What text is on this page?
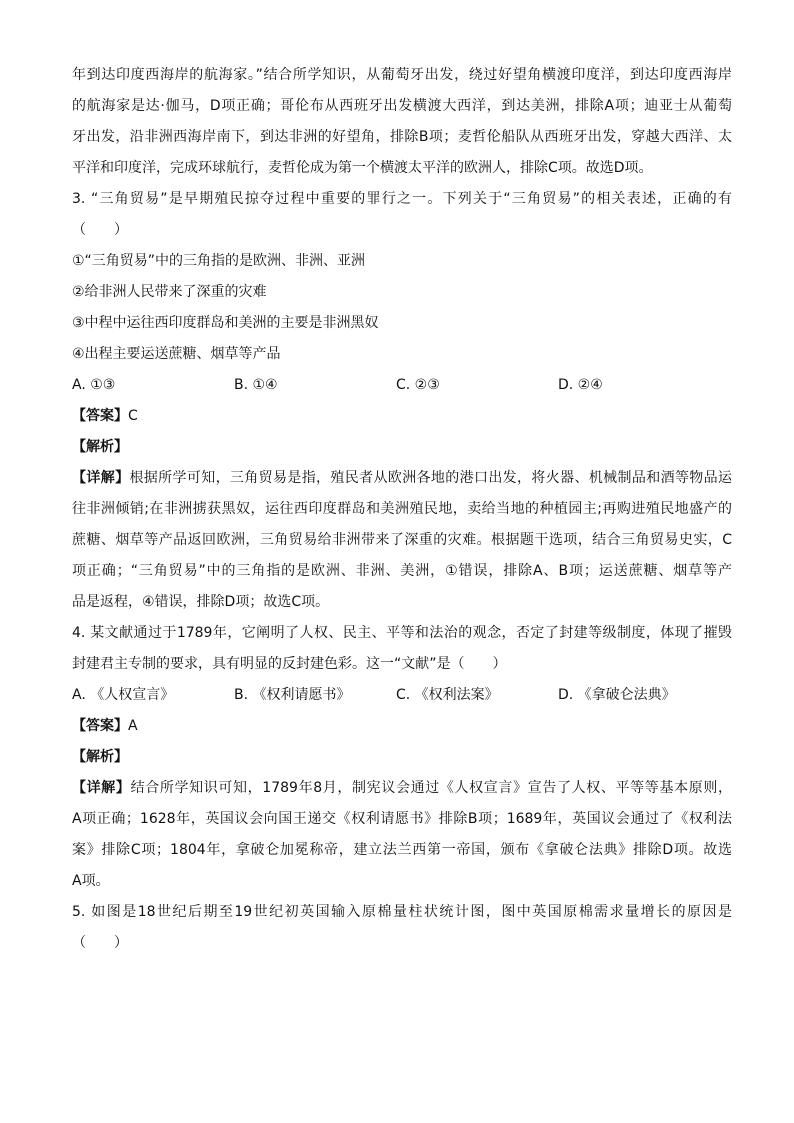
年到达印度西海岸的航海家。”结合所学知识，从葡萄牙出发，绕过好望角横渡印度洋，到达印度西海岸
的航海家是达·伽马，D项正确；哥伦布从西班牙出发横渡大西洋，到达美洲，排除A项；迪亚士从葡萄
牙出发，沿非洲西海岸南下，到达非洲的好望角，排除B项；麦哲伦船队从西班牙出发，穿越大西洋、太
平洋和印度洋，完成环球航行，麦哲伦成为第一个横渡太平洋的欧洲人，排除C项。故选D项。
3. “三角贸易”是早期殖民掠夺过程中重要的罪行之一。下列关于“三角贸易”的相关表述，正确的有
（　　）
①“三角贸易”中的三角指的是欧洲、非洲、亚洲
②给非洲人民带来了深重的灾难
③中程中运往西印度群岛和美洲的主要是非洲黑奴
④出程主要运送蔗糖、烟草等产品
A. ①③	B. ①④	C. ②③	D. ②④
【答案】C
【解析】
【详解】根据所学可知，三角贸易是指，殖民者从欧洲各地的港口出发，将火器、机械制品和酒等物品运
往非洲倾销;在非洲掳获黑奴，运往西印度群岛和美洲殖民地，卖给当地的种植园主;再购进殖民地盛产的
蔗糖、烟草等产品返回欧洲，三角贸易给非洲带来了深重的灾难。根据题干选项，结合三角贸易史实，C
项正确；“三角贸易”中的三角指的是欧洲、非洲、美洲，①错误，排除A、B项；运送蔗糖、烟草等产
品是返程，④错误，排除D项；故选C项。
4. 某文献通过于1789年，它阐明了人权、民主、平等和法治的观念，否定了封建等级制度，体现了摧毁
封建君主专制的要求，具有明显的反封建色彩。这一“文献”是（　　）
A. 《人权宣言》	B. 《权利请愿书》	C. 《权利法案》	D. 《拿破仑法典》
【答案】A
【解析】
【详解】结合所学知识可知，1789年8月，制宪议会通过《人权宣言》宣告了人权、平等等基本原则，
A项正确；1628年，英国议会向国王递交《权利请愿书》排除B项；1689年，英国议会通过了《权利法
案》排除C项；1804年，拿破仑加冕称帝，建立法兰西第一帝国，颁布《拿破仑法典》排除D项。故选
A项。
5. 如图是18世纪后期至19世纪初英国输入原棉量柱状统计图，图中英国原棉需求量增长的原因是
（　　）
